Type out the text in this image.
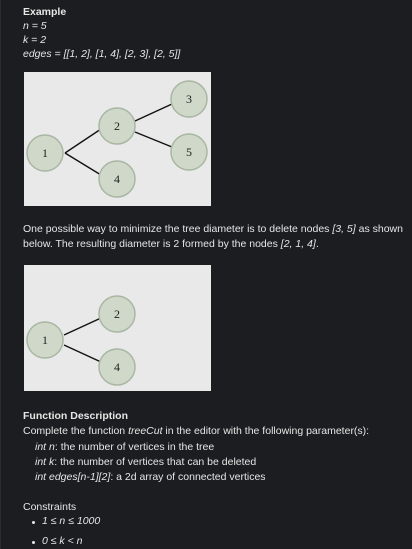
Example
n = 5
k = 2
edges = [[1, 2], [1, 4], [2, 3], [2, 5]]
1
2
3
4
5
One possible way to minimize the tree diameter is to delete nodes [3, 5] as shown
below. The resulting diameter is 2 formed by the nodes [2, 1, 4].
1
2
4
Function Description
Complete the function treeCut in the editor with the following parameter(s):
int n: the number of vertices in the tree
int k: the number of vertices that can be deleted
int edges[n-1][2]: a 2d array of connected vertices
Constraints
1 ≤ n ≤ 1000
0 ≤ k < n
